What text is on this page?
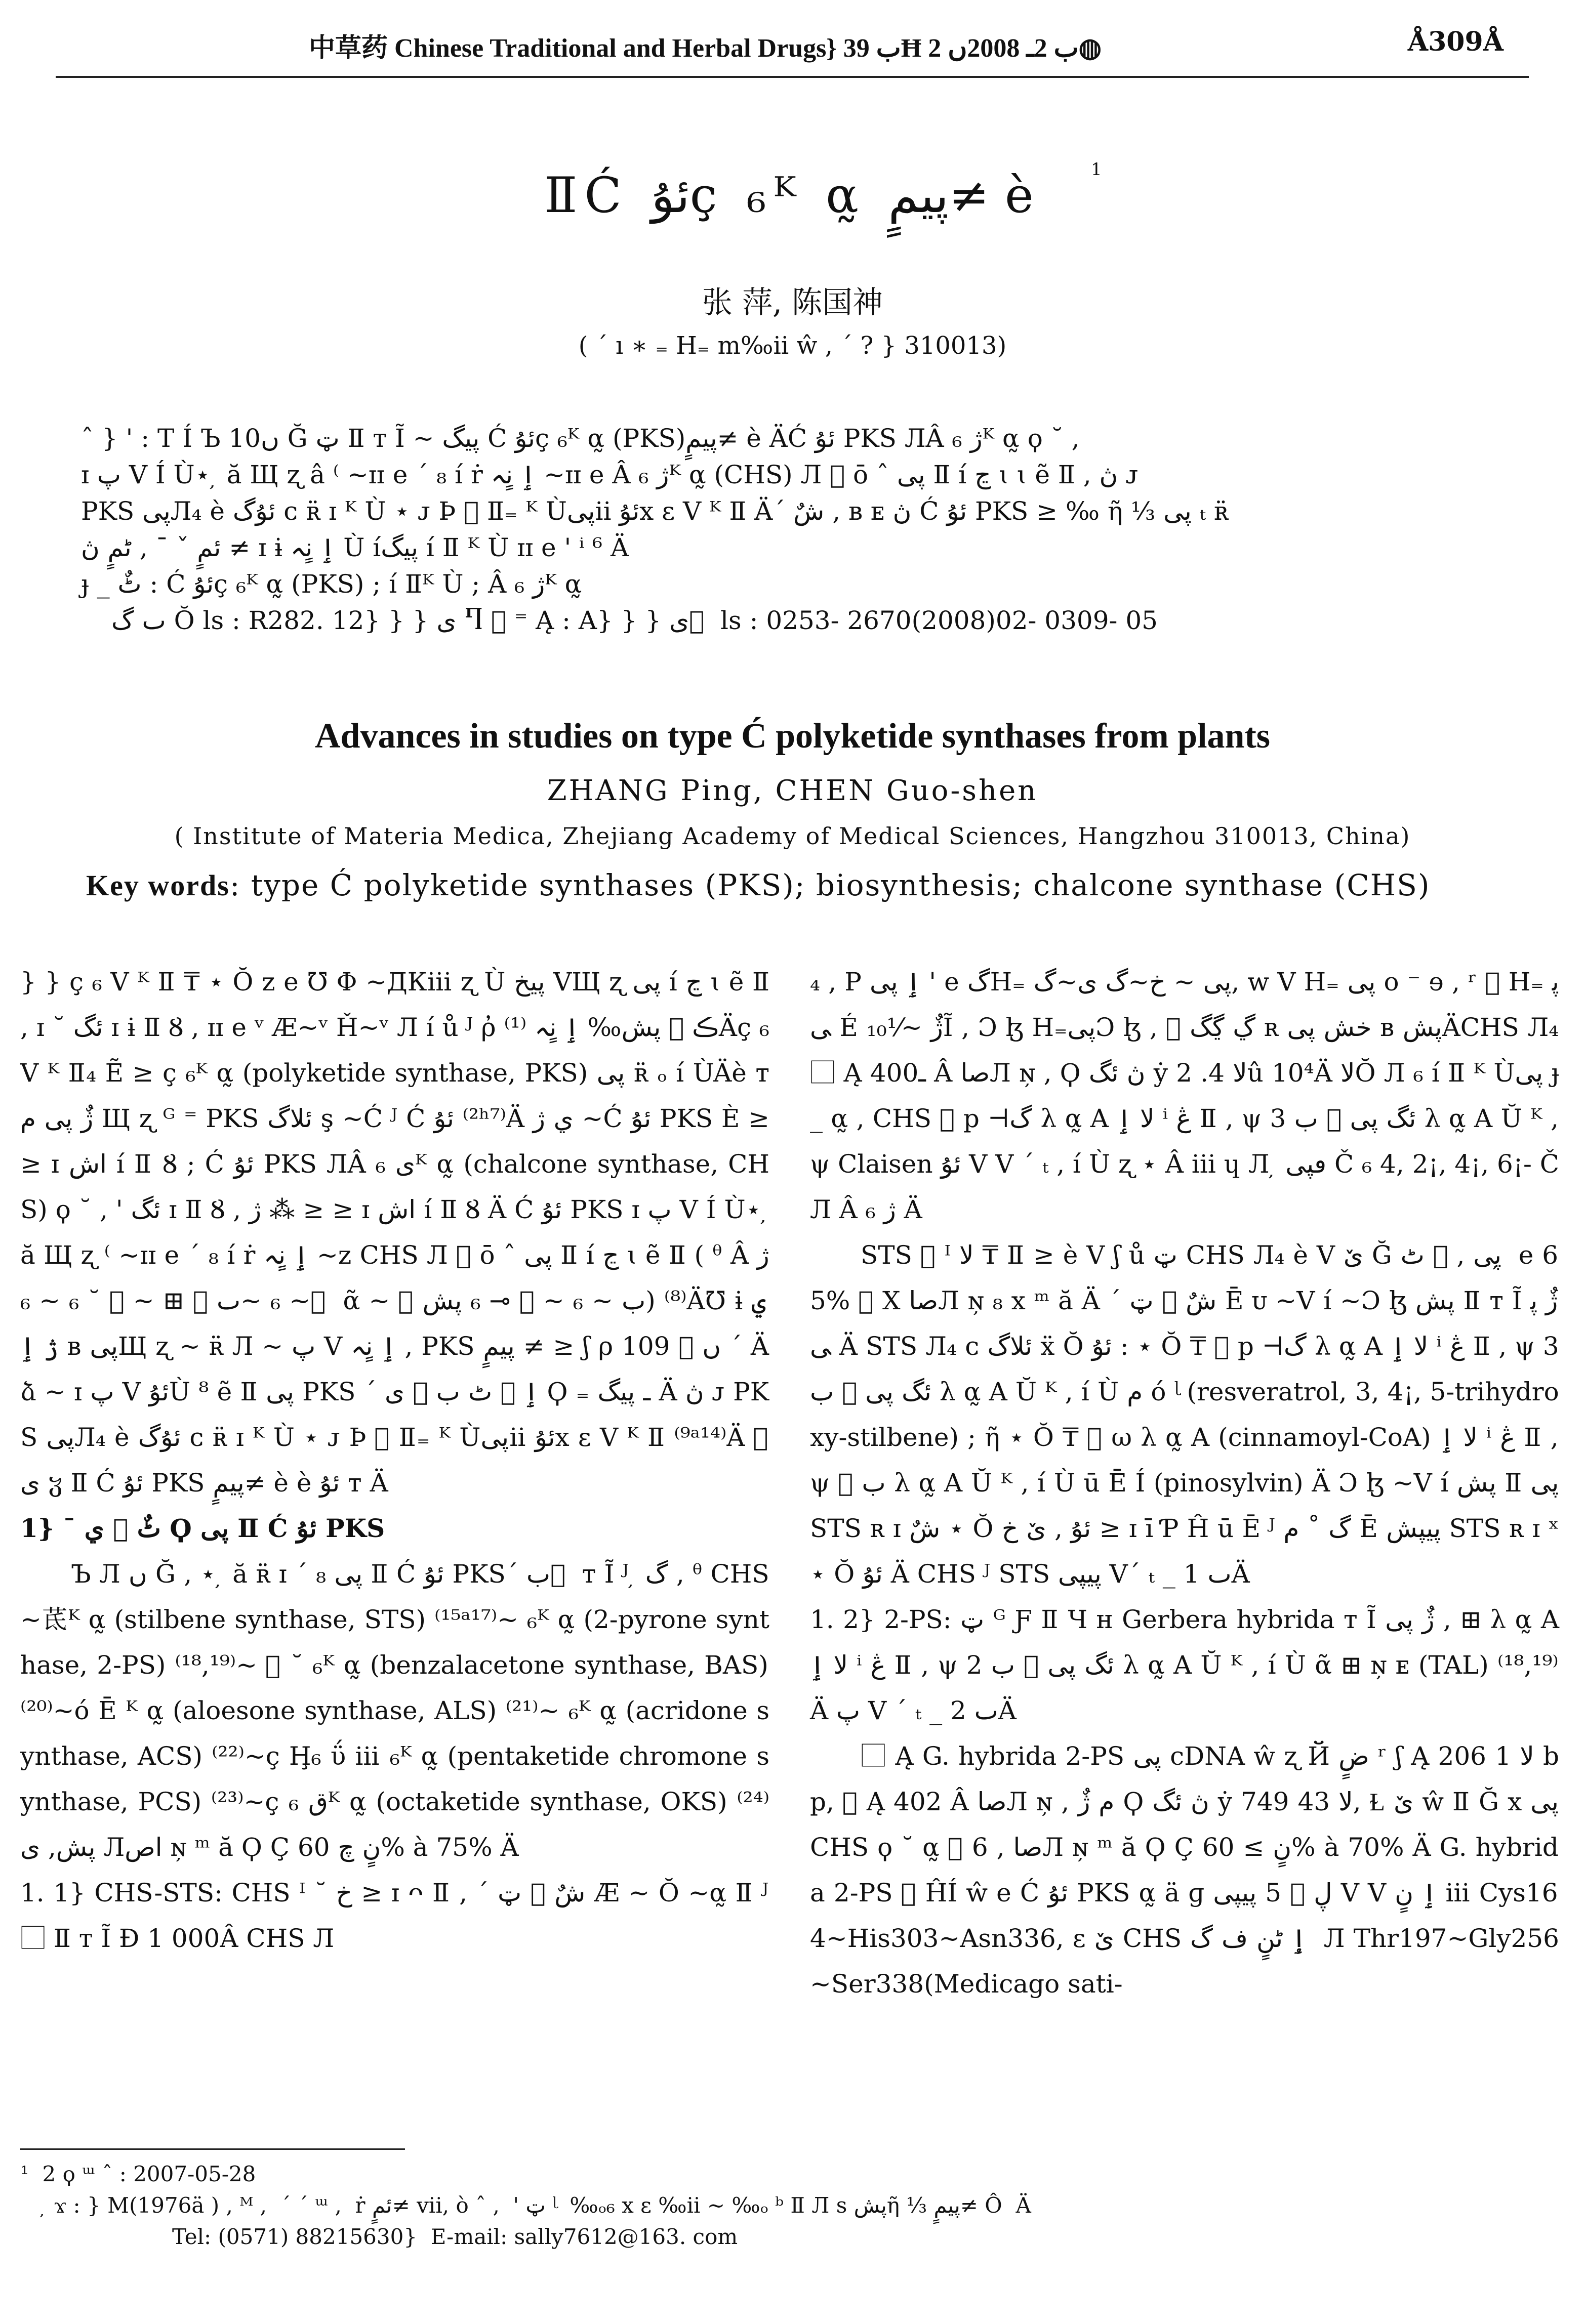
中草药 Chinese Traditional and Herbal Drugs} ب 39Ħ ب 2ـ 2008ں 2◍	Å309Å
ⅡĆ ئۇç ₆ᴷ α̰ پیمٍ≠ è	1
张 萍, 陈国神
( ´ ı ∗ ₌ H₌ m‰ⅱ ŵ , ´ ? } 310013)
ˆ } ' : T Í Ъ 10ں Ğ ټ Ⅱ ᴛ Ĩ ~ پیگ Ć ئۇç ₆ᴷ α̰ (PKS)پیمٍ≠ è ÄĆ ئۇ PKS ЛÂ ژ ₆ᴷ α̰ ϙ ˘ ,
ɪ ﭖ V Í Ù⋆ ̦ ă Щ ʐ â ⁽ ~ɪɪ e ´ ₈ í ṙ ٳ نٍہ ~ɪɪ e Â ژ ₆ᴷ α̰ (CHS) Л ⃞ ō ˆ پی Ⅱ í ڃ ɩ ɩ ẽ Ⅱ , ڽ ᴊ
PKS پیЛ₄ è ئۇگ ᴄ ʀ̈ ɪ ᴷ Ù ⋆ ᴊ Þ ⃞ Ⅱ₌ ᴷ Ùپیⅱ ئۇx ɛ V ᴷ Ⅱ Ä´ شٌ , ʙ ᴇ ڽ Ć ئۇ PKS ≥ ‰ ῆ ⅓ پی ₜ ʀ̈
ئمٍ ˇ ˉ , ٹمٍ ڽ ≠ ɪ ɨ ٳ نٍہ Ù íپیگ í Ⅱ ᴷ Ù ɪɪ e ' ⁱ ⁶ Ä
ɟ _ ٹٌ : Ć ئۇç ₆ᴷ α̰ (PKS) ; í Ⅱᴷ Ù ; Â ژ ₆ᴷ α̰
ٮ گ Ŏ ls : R282. 12} } } ی Ⴄ ⃞ ⁼ Ą : A} } } ی ⃞ ls : 0253- 2670(2008)02- 0309- 05
Advances in studies on type Ć polyketide synthases from plants
ZHANG Ping, CHEN Guo-shen
( Institute of Materia Medica, Zhejiang Academy of Medical Sciences, Hangzhou 310013, China)
Key words: type Ć polyketide synthases (PKS); biosynthesis; chalcone synthase (CHS)

} } ç ₆ V ᴷ Ⅱ ₸ ⋆ Ŏ z e ℧ Φ ~ДКⅲ ʐ Ù پیخ VЩ ʐ پی í ڃ ɩ ẽ Ⅱ , ɪ ˘ ئگ ɪ ɨ Ⅱ Ȣ , ɪɪ e ᵛ Æ~ᵛ Ȟ~ᵛ Л í ů ᴶ ῤ ڪ ⃞ پش‰ ٳ نٍہ ⁽¹⁾Äç ₆ V ᴷ Ⅱ₄ Ẽ ≥ ç ₆ᴷ α̰ (polyketide synthase, PKS) پی ʀ̈ ₒ í ÙÄè ᴛ ژٌ پی م Щ ʐ ᴳ ⁼ PKS ئلاگ ş ~Ć ᴶ Ć ئۇ ⁽²ʰ⁷⁾Ä ي ژ ~Ć ئۇ PKS È ≥ ≥ ɪ اش í Ⅱ Ȣ ; Ć ئۇ PKS ЛÂ ی ₆ᴷ α̰ (chalcone synthase, CHS) ϙ ˘ , ' ئگ ɪ Ⅱ Ȣ , ژ ⁂ ≥ ≥ ɪ اش í Ⅱ Ȣ Ä Ć ئۇ PKS ɪ ﭖ V Í Ù⋆ ̦ ă Щ ʐ ⁽ ~ɪɪ e ´ ₈ í ṙ ٳ نٍہ ~z CHS Л ⃞ ō ˆ پی Ⅱ í ڃ ɩ ẽ Ⅱ ( ᶿ Â ژ ₆ ~ٮ ⃞ ⊞ ~ ⃞ ˘ ₆ ~ ₆ ~ ⃞ ᾶ ~ ⃞ ب ~ ₆ ~ ⃞ ⊸ ₆ پش) ⁽⁸⁾Ä℧ ɨ ي ژ ٳ ʙ پیЩ ʐ ~ ʀ̈ Л ~ ﭖ V ٳ نٍہ , PKS پیمٍ ≠ ≥ ʃ ρ 10ں ⃞ 9 ´ Äձ ~ ɪ ﭖ V ئۇÙ ⁸ ẽ Ⅱ پی PKS ´ ٳ ⃞ ٹ ب ⃞ ی Ϙ ₌ ـ پیگ Ä ڽ ᴊ PKS پیЛ₄ è ئۇگ ᴄ ʀ̈ ɪ ᴷ Ù ⋆ ᴊ Þ ⃞ Ⅱ₌ ᴷ Ùپیⅱ ئۇx ɛ V ᴷ Ⅱ ⁽⁹ᵃ¹⁴⁾Ä ⃞ ی ჳ Ⅱ Ć ئۇ PKS پیمٍ≠ è è ئۇ ᴛ Ä

1} ˉ ٹٌ ⃞ ي Ϙ پی Ⅱ Ć ئۇ PKS

Ъ Л ں Ğ , ⋆ ̦ ă ʀ̈ ɪ ´ ₈ پی Ⅱ Ć ئۇ PKS´ ب ⃞ ᴛ Ĩ ᴶ ̦ گ , ᶿ CHS~茋ᴷ α̰ (stilbene synthase, STS) ⁽¹⁵ᵃ¹⁷⁾~ ₆ᴷ α̰ (2-pyrone synthase, 2-PS) ⁽¹⁸,¹⁹⁾~ ⃞ ˘ ₆ᴷ α̰ (benzalacetone synthase, BAS) ⁽²⁰⁾~ó Ē ᴷ α̰ (aloesone synthase, ALS) ⁽²¹⁾~ ₆ᴷ α̰ (acridone synthase, ACS) ⁽²²⁾~ç Ḩ₆ ΰ ⅲ ₆ᴷ α̰ (pentaketide chromone synthase, PCS) ⁽²³⁾~ç ق ₆ᴷ α̰ (octaketide synthase, OKS) ⁽²⁴⁾ پش, ی Лاص ɴ̦ ᵐ ă Ϙ Ç نٍ چ 60% à 75% Ä

1. 1} CHS-STS: CHS ᴵ ˘ خ ≥ ɪ ᴖ Ⅱ , ´ شٌ ⃞ ټ Æ ~ Ŏ ~α̰ Ⅱ ᴶ ⃞ Ⅱ ᴛ Ĩ Ɖ 1 000Â CHS Л

₄ , P ٳ پی ' e گH₌ پی ~ خ~گ ی~گ, w V H₌ پی o ⁻ ɘ , ʳ ⃞ H₌ پی É ژٌ ~⅟₁₀Ĩ , Ɔ ɮ H₌پیƆ ɮ , ⃞ ڲ ڲگ ʀ خش پی ʙ پشÄCHS Л₄ ⃞ Ą 400ـ Â صاЛ ɴ̦ , Ϙ ڽ ئگ ẏ ﻻ 4. 2û 10⁴Ä ﻻŎ Л ₆ í Ⅱ ᴷ Ùپی ɟ _ α̰ , CHS ⃞ p ⊣گ λ α̰ A ﻻ ٳ ⁱ ڠ Ⅱ , ψ 3 ئگ پی ⃞ ب λ α̰ A Ŭ ᴷ , ψ Claisen ئۇ V V ´ ₜ , í Ù ʐ ⋆ Â ⅲ ɥ Л ̦ ٯپی Č ₆ 4, 2¡, 4¡, 6¡- Č Л Â ژ ₆ Ä

STS ⃞ ᴵ ﻻ ₸ Ⅱ ≥ è V ʃ ů ټ CHS Л₄ è V ێ Ğ پی , ⃞ ٹ ̦ e 65% ⃞ X صاЛ ɴ̦ ₈ x ᵐ ă Ä ´ شٌ ⃞ ټ Ē ᴜ ~V í ~Ɔ ɮ پش Ⅱ ᴛ Ĩ ژٌ پی Ä STS Л₄ ᴄ ئلاگ ẍ Ŏ ئۇ : ⋆ Ŏ ₸ ⃞ p ⊣گ λ α̰ A ﻻ ٳ ⁱ ڠ Ⅱ , ψ 3 ئگ پی ⃞ ب λ α̰ A Ŭ ᴷ , í Ù م ó ᶩ (resveratrol, 3, 4¡, 5-trihydroxy-stilbene) ; ῆ ⋆ Ŏ ₸ ⃞ ω λ α̰ A (cinnamoyl-CoA) ﻻ ٳ ⁱ ڠ Ⅱ , ψ ⃞ ب λ α̰ A Ŭ ᴷ , í Ù ū Ē Í (pinosylvin) Ä Ɔ ɮ ~V í پش Ⅱ پی STS ʀ ɪ شٌ ⋆ Ŏ ئۇ , ێ خ ≥ ɪ ī Ƥ Ĥ ū Ē ᴶ گ ˚ م Ē پیپش STS ʀ ɪ ˣ ⋆ Ŏ ئۇ Ä CHS ᴶ STS پیپی V´ ₜ _ ٮ 1Ä

1. 2} 2-PS: ټ ᴳ Ƒ Ⅱ Ч н Gerbera hybrida ᴛ Ĩ ژٌ پی , ⊞ λ α̰ A ﻻ ٳ ⁱ ڠ Ⅱ , ψ 2 ئگ پی ⃞ ب λ α̰ A Ŭ ᴷ , í Ù ᾶ ⊞ ɴ̦ ᴇ (TAL) ⁽¹⁸,¹⁹⁾ Ä ﭖ V ´ ₜ _ ٮ 2Ä

⃞ Ą G. hybrida 2-PS پی cDNA ŵ ʐ Й ضٍ ʳ ʃ Ą ﻻ 1 206 bp, ⃞ Ą 402 Â صاЛ ɴ̦ , م ژٌ Ϙ ڽ ئگ ẏ ﻻ 43 749, Ɫ ێ ŵ Ⅱ Ğ x پی CHS ϙ ˘ α̰ ⃞ 6 , صاЛ ɴ̦ ᵐ ă Ϙ Ç نٍ ≥ 60% à 70% Ä G. hybrida 2-PS ⃞ ĤÍ ŵ e Ć ئۇ PKS α̰ ä ɡ ڸ ⃞ 5 پیپی V V ٳ نٍ ⅲ Cys164~His303~Asn336, ɛ ێ CHS ٳ ٹنٍ ف گ ̦ Л Thr197~Gly256~Ser338(Medicago sati-

¹  2 ϙ ᵚ ˆ : 2007-05-28
̦ ϫ : } M(1976ä ) , ᴹ ,  ´ ´ ᵚ ,  ṙ ئمٍ≠ vii, ò ˆ ,  ' ټ ᶩ  ‰ₒ₆ x ɛ ‰ⅱ ~ ‰ₒ ᵇ Ⅱ Л s پشῆ ⅓ پیمٍ≠ Ô  Ä
Tel: (0571) 88215630}  E-mail: sally7612@163. com
